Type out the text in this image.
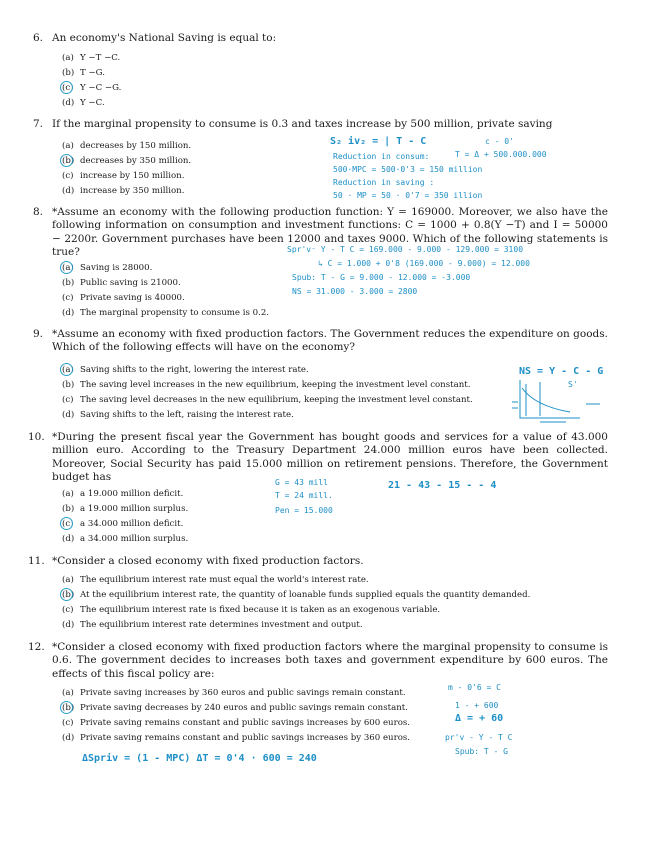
6. An economy's National Saving is equal to:
(a) Y −T −C.
(b) T −G.
(c) Y −C −G.
(d) Y −C.
7. If the marginal propensity to consume is 0.3 and taxes increase by 500 million, private saving
(a) decreases by 150 million.
(b) decreases by 350 million.
(c) increase by 150 million.
(d) increase by 350 million.
S₂ iv₂ = | T - C	c - 0'
T = Δ + 500.000.000
Reduction in consum:
500·MPC = 500·0'3 = 150 million
Reduction in saving :
50 · MP = 50 · 0'7 = 350 illion
8. *Assume an economy with the following production function: Y = 169000. Moreover, we also have the following information on consumption and investment functions: C = 1000 + 0.8(Y −T) and I = 50000 − 2200r. Government purchases have been 12000 and taxes 9000. Which of the following statements is true?
(a) Saving is 28000.
(b) Public saving is 21000.
(c) Private saving is 40000.
(d) The marginal propensity to consume is 0.2.
Spr'v⁻ Y - T C = 169.000 - 9.000 - 129.000 = 3100
↳ C = 1.000 + 0'8 (169.000 - 9.000) = 12.000
Spub: T - G = 9.000 - 12.000 = -3.000
NS = 31.000 - 3.000 = 2800
9. *Assume an economy with fixed production factors. The Government reduces the expenditure on goods. Which of the following effects will have on the economy?
(a) Saving shifts to the right, lowering the interest rate.
(b) The saving level increases in the new equilibrium, keeping the investment level constant.
(c) The saving level decreases in the new equilibrium, keeping the investment level constant.
(d) Saving shifts to the left, raising the interest rate.
NS = Y - C - G
S'
10. *During the present fiscal year the Government has bought goods and services for a value of 43.000 million euro. According to the Treasury Department 24.000 million euros have been collected. Moreover, Social Security has paid 15.000 million on retirement pensions. Therefore, the Government budget has
(a) a 19.000 million deficit.
(b) a 19.000 million surplus.
(c) a 34.000 million deficit.
(d) a 34.000 million surplus.
G = 43 mill
T = 24 mill.
Pen = 15.000
21 - 43 - 15 - - 4
11. *Consider a closed economy with fixed production factors.
(a) The equilibrium interest rate must equal the world's interest rate.
(b) At the equilibrium interest rate, the quantity of loanable funds supplied equals the quantity demanded.
(c) The equilibrium interest rate is fixed because it is taken as an exogenous variable.
(d) The equilibrium interest rate determines investment and output.
12. *Consider a closed economy with fixed production factors where the marginal propensity to consume is 0.6. The government decides to increases both taxes and government expenditure by 600 euros. The effects of this fiscal policy are:
(a) Private saving increases by 360 euros and public savings remain constant.
(b) Private saving decreases by 240 euros and public savings remain constant.
(c) Private saving remains constant and public savings increases by 600 euros.
(d) Private saving remains constant and public savings increases by 360 euros.
m - 0'6 = C
1 - + 600
Δ = + 60
pr'v - Y - T C
Spub: T - G
ΔSpriv = (1 - MPC) ΔT = 0'4 · 600 = 240
